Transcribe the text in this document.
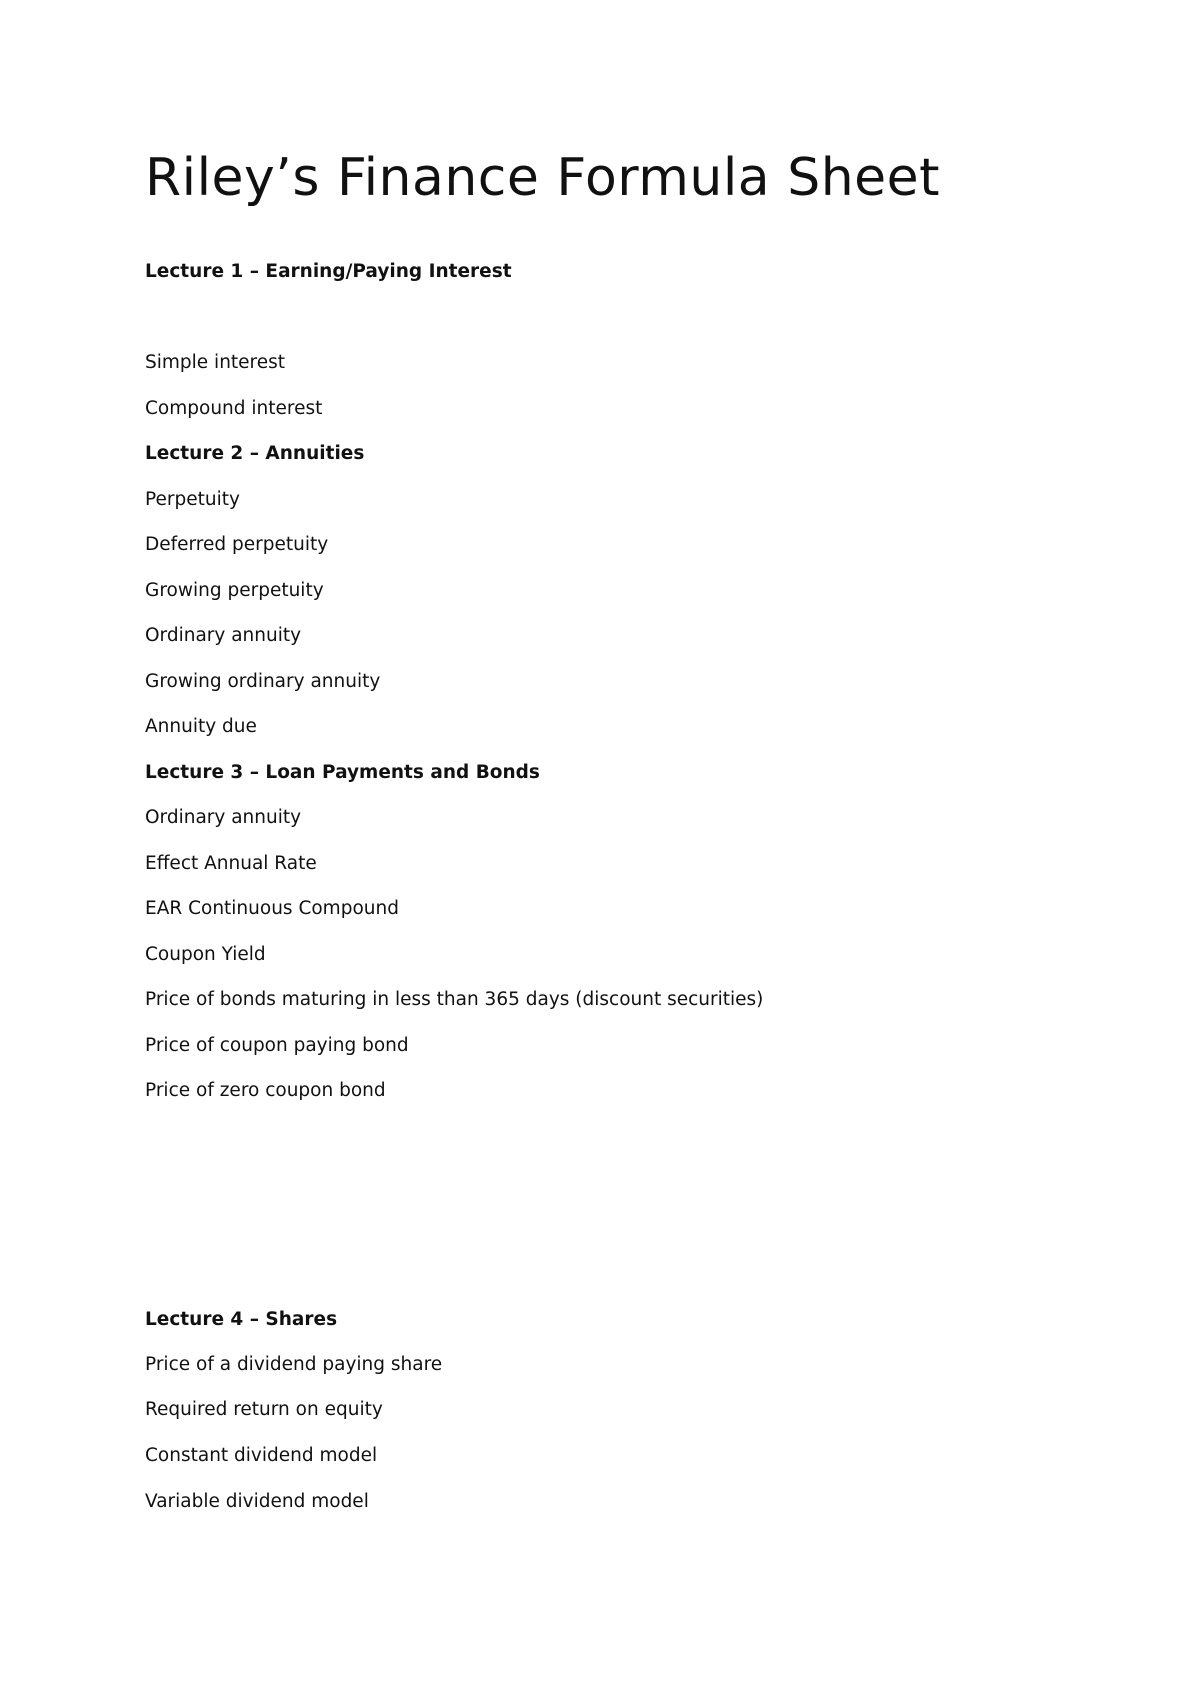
Riley’s Finance Formula Sheet

Lecture 1 – Earning/Paying Interest

Simple interest

Compound interest

Lecture 2 – Annuities

Perpetuity

Deferred perpetuity

Growing perpetuity

Ordinary annuity

Growing ordinary annuity

Annuity due

Lecture 3 – Loan Payments and Bonds

Ordinary annuity

Effect Annual Rate

EAR Continuous Compound

Coupon Yield

Price of bonds maturing in less than 365 days (discount securities)

Price of coupon paying bond

Price of zero coupon bond

Lecture 4 – Shares

Price of a dividend paying share

Required return on equity

Constant dividend model

Variable dividend model
